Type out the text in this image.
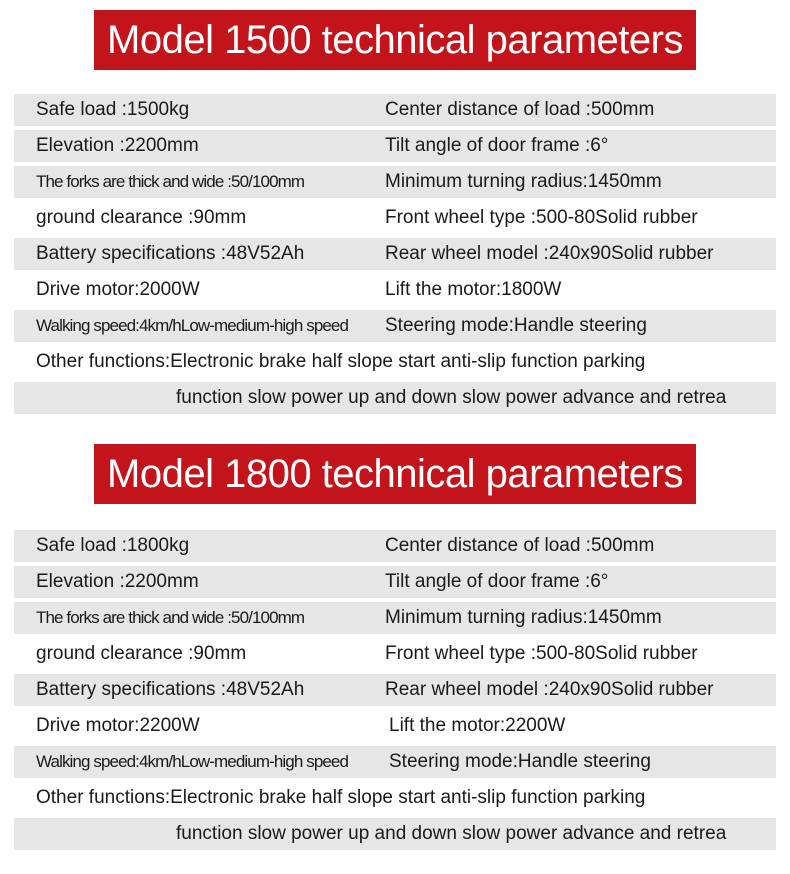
Model 1500 technical parameters
Safe load :1500kg	Center distance of load :500mm
Elevation :2200mm	Tilt angle of door frame :6°
The forks are thick and wide :50/100mm	Minimum turning radius:1450mm
ground clearance :90mm	Front wheel type :500-80Solid rubber
Battery specifications :48V52Ah	Rear wheel model :240x90Solid rubber
Drive motor:2000W	Lift the motor:1800W
Walking speed:4km/hLow-medium-high speed	Steering mode:Handle steering
Other functions:Electronic brake half slope start anti-slip function parking
function slow power up and down slow power advance and retrea
Model 1800 technical parameters
Safe load :1800kg	Center distance of load :500mm
Elevation :2200mm	Tilt angle of door frame :6°
The forks are thick and wide :50/100mm	Minimum turning radius:1450mm
ground clearance :90mm	Front wheel type :500-80Solid rubber
Battery specifications :48V52Ah	Rear wheel model :240x90Solid rubber
Drive motor:2200W	Lift the motor:2200W
Walking speed:4km/hLow-medium-high speed	Steering mode:Handle steering
Other functions:Electronic brake half slope start anti-slip function parking
function slow power up and down slow power advance and retrea
